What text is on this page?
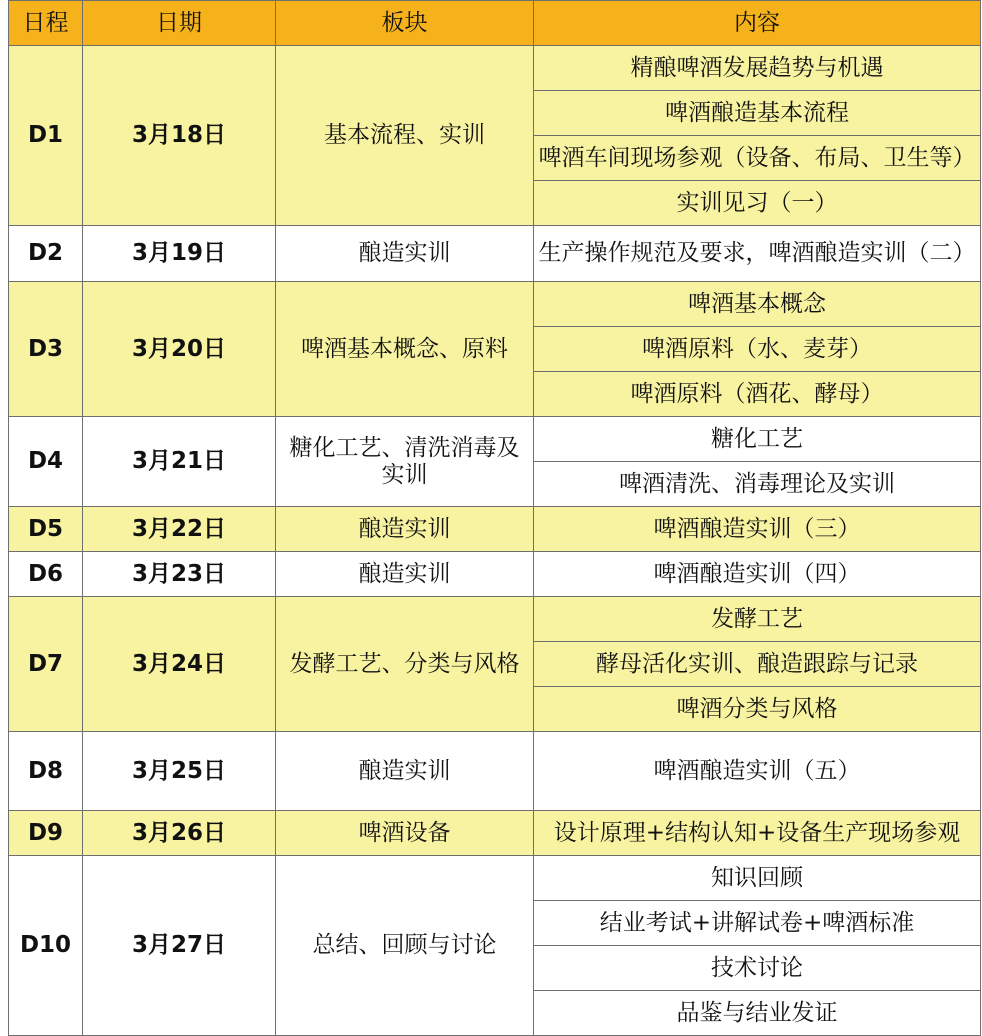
日程	日期	板块	内容
D1	3月18日	基本流程、实训	精酿啤酒发展趋势与机遇

			啤酒酿造基本流程

			啤酒车间现场参观（设备、布局、卫生等）

			实训见习（一）

D2	3月19日	酿造实训	生产操作规范及要求，啤酒酿造实训（二）

D3	3月20日	啤酒基本概念、原料	啤酒基本概念

			啤酒原料（水、麦芽）

			啤酒原料（酒花、酵母）

D4	3月21日	糖化工艺、清洗消毒及实训	糖化工艺

			啤酒清洗、消毒理论及实训

D5	3月22日	酿造实训	啤酒酿造实训（三）

D6	3月23日	酿造实训	啤酒酿造实训（四）

D7	3月24日	发酵工艺、分类与风格	发酵工艺

			酵母活化实训、酿造跟踪与记录

			啤酒分类与风格

D8	3月25日	酿造实训	啤酒酿造实训（五）

D9	3月26日	啤酒设备	设计原理+结构认知+设备生产现场参观

D10	3月27日	总结、回顾与讨论	知识回顾

			结业考试+讲解试卷+啤酒标准

			技术讨论

			品鉴与结业发证
